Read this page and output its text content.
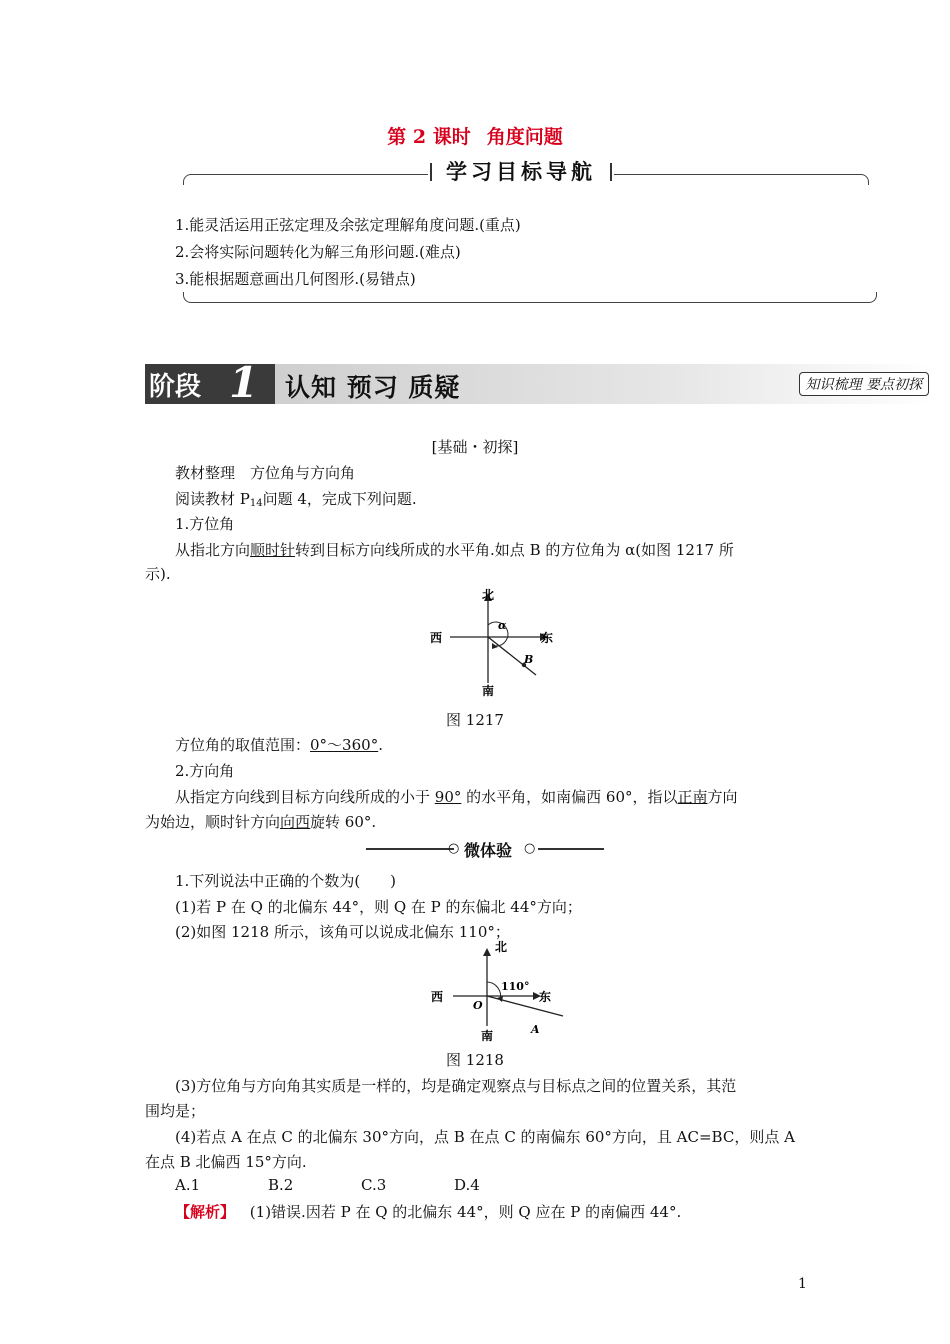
第 2 课时 角度问题
学习目标导航
1.能灵活运用正弦定理及余弦定理解角度问题.(重点)
2.会将实际问题转化为解三角形问题.(难点)
3.能根据题意画出几何图形.(易错点)
阶段 1 认知 预习 质疑	知识梳理 要点初探
[基础・初探]
教材整理　方位角与方向角
阅读教材 $P_{14}$问题 4，完成下列问题.
1.方位角
从指北方向顺时针转到目标方向线所成的水平角.如点 B 的方位角为 α(如图 1217 所
示).
北
南
东
西
α
B
图 1217
方位角的取值范围：0°～360°.
2.方向角
从指定方向线到目标方向线所成的小于 90° 的水平角，如南偏西 60°，指以正南方向
为始边，顺时针方向向西旋转 60°.
○ 微体验 ○
1.下列说法中正确的个数为(　　)
(1)若 P 在 Q 的北偏东 44°，则 Q 在 P 的东偏北 44°方向；
(2)如图 1218 所示，该角可以说成北偏东 110°；
北
南
东
西
O
110°
A
图 1218
(3)方位角与方向角其实质是一样的，均是确定观察点与目标点之间的位置关系，其范
围均是；
(4)若点 A 在点 C 的北偏东 30°方向，点 B 在点 C 的南偏东 60°方向，且 AC=BC，则点 A
在点 B 北偏西 15°方向.
A.1	B.2	C.3	D.4
【解析】 (1)错误.因若 P 在 Q 的北偏东 44°，则 Q 应在 P 的南偏西 44°.
1
